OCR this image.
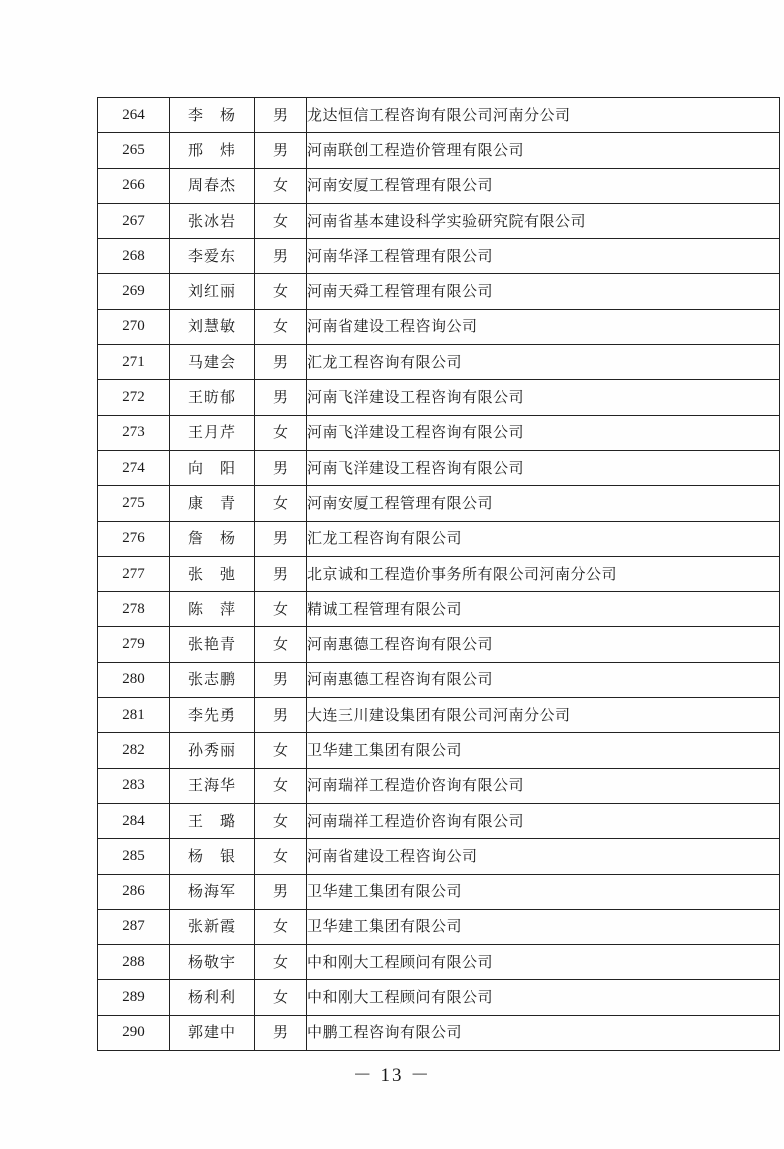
264	李　杨	男	龙达恒信工程咨询有限公司河南分公司
265	邢　炜	男	河南联创工程造价管理有限公司
266	周春杰	女	河南安厦工程管理有限公司
267	张冰岩	女	河南省基本建设科学实验研究院有限公司
268	李爱东	男	河南华泽工程管理有限公司
269	刘红丽	女	河南天舜工程管理有限公司
270	刘慧敏	女	河南省建设工程咨询公司
271	马建会	男	汇龙工程咨询有限公司
272	王昉郁	男	河南飞洋建设工程咨询有限公司
273	王月芹	女	河南飞洋建设工程咨询有限公司
274	向　阳	男	河南飞洋建设工程咨询有限公司
275	康　青	女	河南安厦工程管理有限公司
276	詹　杨	男	汇龙工程咨询有限公司
277	张　弛	男	北京诚和工程造价事务所有限公司河南分公司
278	陈　萍	女	精诚工程管理有限公司
279	张艳青	女	河南惠德工程咨询有限公司
280	张志鹏	男	河南惠德工程咨询有限公司
281	李先勇	男	大连三川建设集团有限公司河南分公司
282	孙秀丽	女	卫华建工集团有限公司
283	王海华	女	河南瑞祥工程造价咨询有限公司
284	王　璐	女	河南瑞祥工程造价咨询有限公司
285	杨　银	女	河南省建设工程咨询公司
286	杨海军	男	卫华建工集团有限公司
287	张新霞	女	卫华建工集团有限公司
288	杨敬宇	女	中和刚大工程顾问有限公司
289	杨利利	女	中和刚大工程顾问有限公司
290	郭建中	男	中鹏工程咨询有限公司
－ 13 －
